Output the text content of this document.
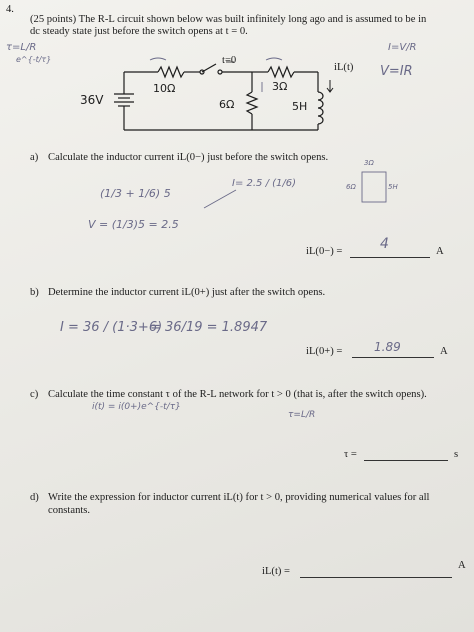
4.
(25 points) The R-L circuit shown below was built infinitely long ago and is assumed to be in
dc steady state just before the switch opens at t = 0.
τ=L/R
e^{-t/τ}
I=V/R
V=IR
36V
10Ω
t=0
6Ω
3Ω
5H
iL(t)
a) Calculate the inductor current iL(0−) just before the switch opens.
(1/3 + 1/6) 5
V = (1/3)5 = 2.5
I= 2.5 / (1/6)
3Ω
6Ω	5H
iL(0−) =	4	A
b) Determine the inductor current iL(0+) just after the switch opens.
I = 36 / (1·3+6)
= 36/19 = 1.8947
iL(0+) =	1.89	A
c) Calculate the time constant τ of the R-L network for t > 0 (that is, after the switch opens).
i(t) = i(0+)e^{-t/τ}
τ=L/R
τ =	s
d) Write the expression for inductor current iL(t) for t > 0, providing numerical values for all
constants.
iL(t) =
A
